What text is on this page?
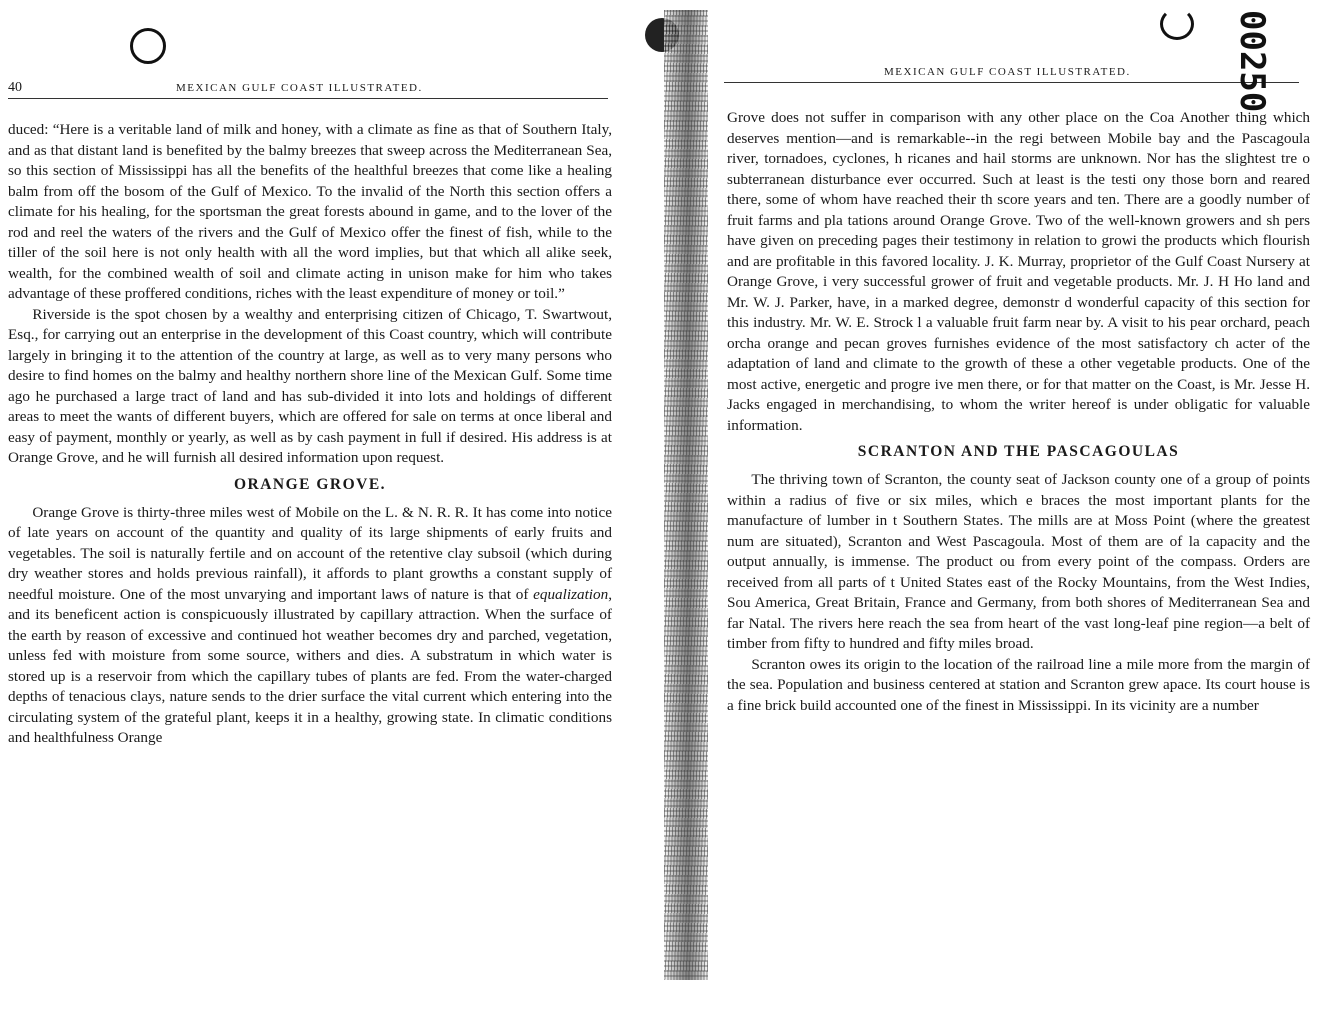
40	MEXICAN GULF COAST ILLUSTRATED.

duced: “Here is a veritable land of milk and honey, with a climate as fine as that of Southern Italy, and as that distant land is benefited by the balmy breezes that sweep across the Mediterranean Sea, so this section of Mississippi has all the benefits of the healthful breezes that come like a healing balm from off the bosom of the Gulf of Mexico. To the invalid of the North this section offers a climate for his healing, for the sportsman the great forests abound in game, and to the lover of the rod and reel the waters of the rivers and the Gulf of Mexico offer the finest of fish, while to the tiller of the soil here is not only health with all the word implies, but that which all alike seek, wealth, for the combined wealth of soil and climate acting in unison make for him who takes advantage of these proffered conditions, riches with the least expenditure of money or toil.”

Riverside is the spot chosen by a wealthy and enterprising citizen of Chicago, T. Swartwout, Esq., for carrying out an enterprise in the development of this Coast country, which will contribute largely in bringing it to the attention of the country at large, as well as to very many persons who desire to find homes on the balmy and healthy northern shore line of the Mexican Gulf. Some time ago he purchased a large tract of land and has sub-divided it into lots and holdings of different areas to meet the wants of different buyers, which are offered for sale on terms at once liberal and easy of payment, monthly or yearly, as well as by cash payment in full if desired. His address is at Orange Grove, and he will furnish all desired information upon request.

ORANGE GROVE.

Orange Grove is thirty-three miles west of Mobile on the L. & N. R. R. It has come into notice of late years on account of the quantity and quality of its large shipments of early fruits and vegetables. The soil is naturally fertile and on account of the retentive clay subsoil (which during dry weather stores and holds previous rainfall), it affords to plant growths a constant supply of needful moisture. One of the most unvarying and important laws of nature is that of equalization, and its beneficent action is conspicuously illustrated by capillary attraction. When the surface of the earth by reason of excessive and continued hot weather becomes dry and parched, vegetation, unless fed with moisture from some source, withers and dies. A substratum in which water is stored up is a reservoir from which the capillary tubes of plants are fed. From the water-charged depths of tenacious clays, nature sends to the drier surface the vital current which entering into the circulating system of the grateful plant, keeps it in a healthy, growing state. In climatic conditions and healthfulness Orange

MEXICAN GULF COAST ILLUSTRATED.

Grove does not suffer in comparison with any other place on the Coa Another thing which deserves mention—and is remarkable--in the regi between Mobile bay and the Pascagoula river, tornadoes, cyclones, h ricanes and hail storms are unknown. Nor has the slightest tre o subterranean disturbance ever occurred. Such at least is the testi ony those born and reared there, some of whom have reached their th score years and ten. There are a goodly number of fruit farms and pla tations around Orange Grove. Two of the well-known growers and sh pers have given on preceding pages their testimony in relation to growi the products which flourish and are profitable in this favored locality. J. K. Murray, proprietor of the Gulf Coast Nursery at Orange Grove, i very successful grower of fruit and vegetable products. Mr. J. H Ho land and Mr. W. J. Parker, have, in a marked degree, demonstr d wonderful capacity of this section for this industry. Mr. W. E. Strock l a valuable fruit farm near by. A visit to his pear orchard, peach orcha orange and pecan groves furnishes evidence of the most satisfactory ch acter of the adaptation of land and climate to the growth of these a other vegetable products. One of the most active, energetic and progre ive men there, or for that matter on the Coast, is Mr. Jesse H. Jacks engaged in merchandising, to whom the writer hereof is under obligatic for valuable information.

SCRANTON AND THE PASCAGOULAS

The thriving town of Scranton, the county seat of Jackson county one of a group of points within a radius of five or six miles, which e braces the most important plants for the manufacture of lumber in t Southern States. The mills are at Moss Point (where the greatest num are situated), Scranton and West Pascagoula. Most of them are of la capacity and the output annually, is immense. The product ou from every point of the compass. Orders are received from all parts of t United States east of the Rocky Mountains, from the West Indies, Sou America, Great Britain, France and Germany, from both shores of Mediterranean Sea and far Natal. The rivers here reach the sea from heart of the vast long-leaf pine region—a belt of timber from fifty to hundred and fifty miles broad.

Scranton owes its origin to the location of the railroad line a mile more from the margin of the sea. Population and business centered at station and Scranton grew apace. Its court house is a fine brick build accounted one of the finest in Mississippi. In its vicinity are a number

00250
